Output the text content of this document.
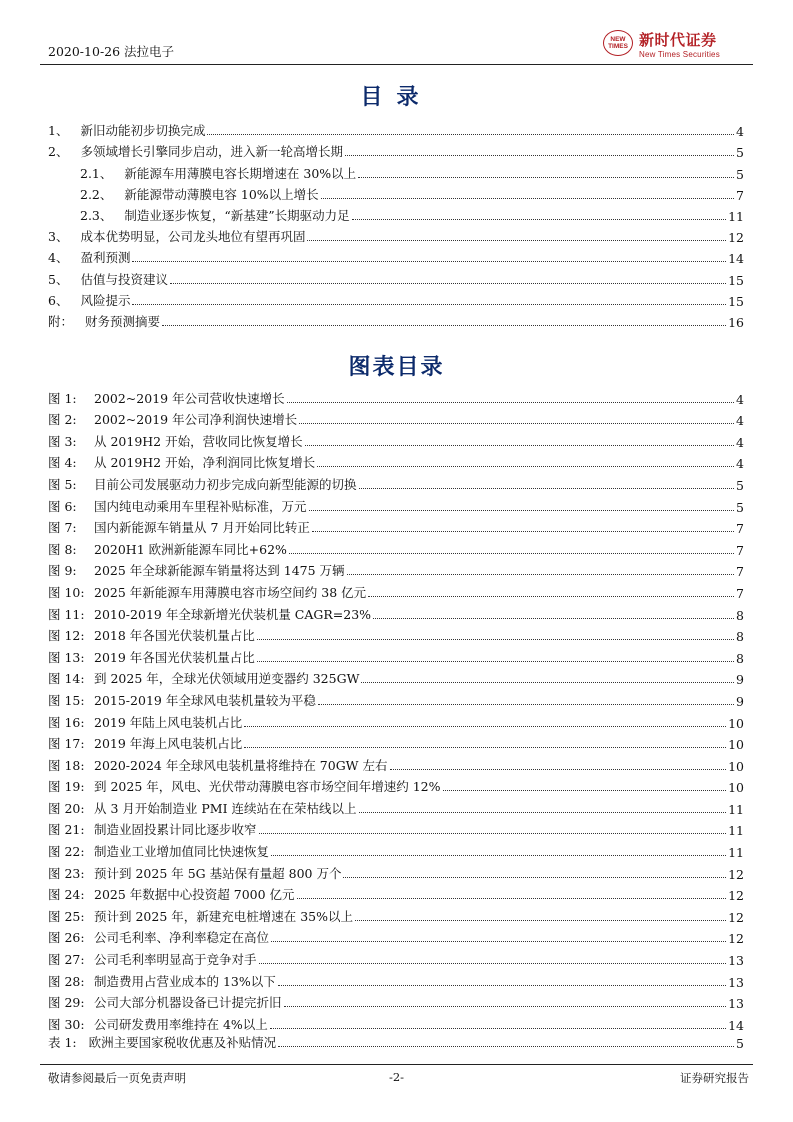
2020-10-26 法拉电子
NEW TIMES 新时代证券
New Times Securities
目录
1、 新旧动能初步切换完成	4
2、 多领域增长引擎同步启动，进入新一轮高增长期	5
2.1、 新能源车用薄膜电容长期增速在 30%以上	5
2.2、 新能源带动薄膜电容 10%以上增长	7
2.3、 制造业逐步恢复，“新基建”长期驱动力足	11
3、 成本优势明显，公司龙头地位有望再巩固	12
4、 盈利预测	14
5、 估值与投资建议	15
6、 风险提示	15
附： 财务预测摘要	16
图表目录
图 1:	2002~2019 年公司营收快速增长	4
图 2:	2002~2019 年公司净利润快速增长	4
图 3:	从 2019H2 开始，营收同比恢复增长	4
图 4:	从 2019H2 开始，净利润同比恢复增长	4
图 5:	目前公司发展驱动力初步完成向新型能源的切换	5
图 6:	国内纯电动乘用车里程补贴标准，万元	5
图 7:	国内新能源车销量从 7 月开始同比转正	7
图 8:	2020H1 欧洲新能源车同比+62%	7
图 9:	2025 年全球新能源车销量将达到 1475 万辆	7
图 10: 2025 年新能源车用薄膜电容市场空间约 38 亿元	7
图 11: 2010-2019 年全球新增光伏装机量 CAGR=23%	8
图 12: 2018 年各国光伏装机量占比	8
图 13: 2019 年各国光伏装机量占比	8
图 14: 到 2025 年，全球光伏领域用逆变器约 325GW	9
图 15: 2015-2019 年全球风电装机量较为平稳	9
图 16: 2019 年陆上风电装机占比	10
图 17: 2019 年海上风电装机占比	10
图 18: 2020-2024 年全球风电装机量将维持在 70GW 左右	10
图 19: 到 2025 年，风电、光伏带动薄膜电容市场空间年增速约 12%	10
图 20: 从 3 月开始制造业 PMI 连续站在在荣枯线以上	11
图 21: 制造业固投累计同比逐步收窄	11
图 22: 制造业工业增加值同比快速恢复	11
图 23: 预计到 2025 年 5G 基站保有量超 800 万个	12
图 24: 2025 年数据中心投资超 7000 亿元	12
图 25: 预计到 2025 年，新建充电桩增速在 35%以上	12
图 26: 公司毛利率、净利率稳定在高位	12
图 27: 公司毛利率明显高于竞争对手	13
图 28: 制造费用占营业成本的 13%以下	13
图 29: 公司大部分机器设备已计提完折旧	13
图 30: 公司研发费用率维持在 4%以上	14
表 1: 欧洲主要国家税收优惠及补贴情况	5
敬请参阅最后一页免责声明	-2-	证券研究报告
